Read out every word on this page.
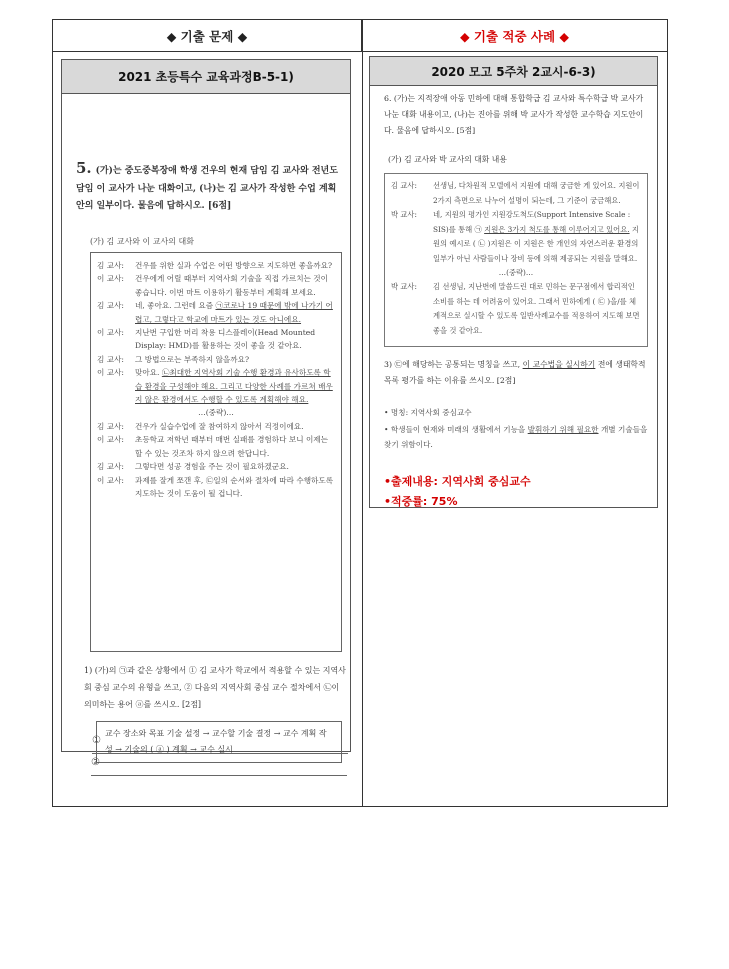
◆ 기출 문제 ◆	◆ 기출 적중 사례 ◆
2021 초등특수 교육과정B-5-1)
5. (가)는 중도중복장애 학생 건우의 현재 담임 김 교사와 전년도 담임 이 교사가 나눈 대화이고, (나)는 김 교사가 작성한 수업 계획안의 일부이다. 물음에 답하시오. [6점]
(가) 김 교사와 이 교사의 대화
김 교사:	건우를 위한 실과 수업은 어떤 방향으로 지도하면 좋을까요?
이 교사:	건우에게 어릴 때부터 지역사회 기술을 직접 가르치는 것이 좋습니다. 이번 마트 이용하기 활동부터 계획해 보세요.
김 교사:	네, 좋아요. 그런데 요즘 ㉠코로나 19 때문에 밖에 나가기 어렵고, 그렇다고 학교에 마트가 있는 것도 아니에요.
이 교사:	지난번 구입한 머리 착용 디스플레이(Head Mounted Display: HMD)를 활용하는 것이 좋을 것 같아요.
김 교사:	그 방법으로는 부족하지 않을까요?
이 교사:	맞아요. ㉡최대한 지역사회 기술 수행 환경과 유사하도록 학습 환경을 구성해야 해요. 그리고 다양한 사례를 가르쳐 배우지 않은 환경에서도 수행할 수 있도록 계획해야 해요.
…(중략)…
김 교사:	건우가 실습수업에 잘 참여하지 않아서 걱정이에요.
이 교사:	초등학교 저학년 때부터 매번 실패를 경험하다 보니 이제는 할 수 있는 것조차 하지 않으려 한답니다.
김 교사:	그렇다면 성공 경험을 주는 것이 필요하겠군요.
이 교사:	과제를 잘게 쪼갠 후, ㉢일의 순서와 절차에 따라 수행하도록 지도하는 것이 도움이 될 겁니다.
1) (가)의 ㉠과 같은 상황에서 ① 김 교사가 학교에서 적용할 수 있는 지역사회 중심 교수의 유형을 쓰고, ② 다음의 지역사회 중심 교수 절차에서 ㉡이 의미하는 용어 ⓐ를 쓰시오. [2점]
교수 장소와 목표 기술 설정 → 교수할 기술 결정 → 교수 계획 작성 → 기술의 ( ⓐ ) 계획 → 교수 실시
①
②
2020 모고 5주차 2교시-6-3)
6. (가)는 지적장애 아동 민하에 대해 통합학급 김 교사와 특수학급 박 교사가 나눈 대화 내용이고, (나)는 진아를 위해 박 교사가 작성한 교수학습 지도안이다. 물음에 답하시오. [5점]
(가) 김 교사와 박 교사의 대화 내용
김 교사:	선생님, 다차원적 모델에서 지원에 대해 궁금한 게 있어요. 지원이 2가지 측면으로 나누어 설명이 되는데, 그 기준이 궁금해요.
박 교사:	네, 지원의 평가인 지원강도척도(Support Intensive Scale : SIS)를 통해 ㉠ 지원은 3가지 척도를 통해 이루어지고 있어요. 지원의 예시로 ( ㉡ )지원은 이 지원은 한 개인의 자연스러운 환경의 일부가 아닌 사람들이나 장비 등에 의해 제공되는 지원을 말해요.
…(중략)…
박 교사:	김 선생님, 지난번에 말씀드린 대로 민하는 문구점에서 합리적인 소비를 하는 데 어려움이 있어요. 그래서 민하에게 ( ㉢ )을/를 체계적으로 실시할 수 있도록 일반사례교수를 적용하여 지도해 보면 좋을 것 같아요.
3) ㉢에 해당하는 공통되는 명칭을 쓰고, 이 교수법을 실시하기 전에 생태학적 목록 평가를 하는 이유를 쓰시오. [2점]
• 명칭: 지역사회 중심교수
• 학생들이 현재와 미래의 생활에서 기능을 발휘하기 위해 필요한 개별 기술들을 찾기 위함이다.
•출제내용: 지역사회 중심교수
•적중률: 75%
